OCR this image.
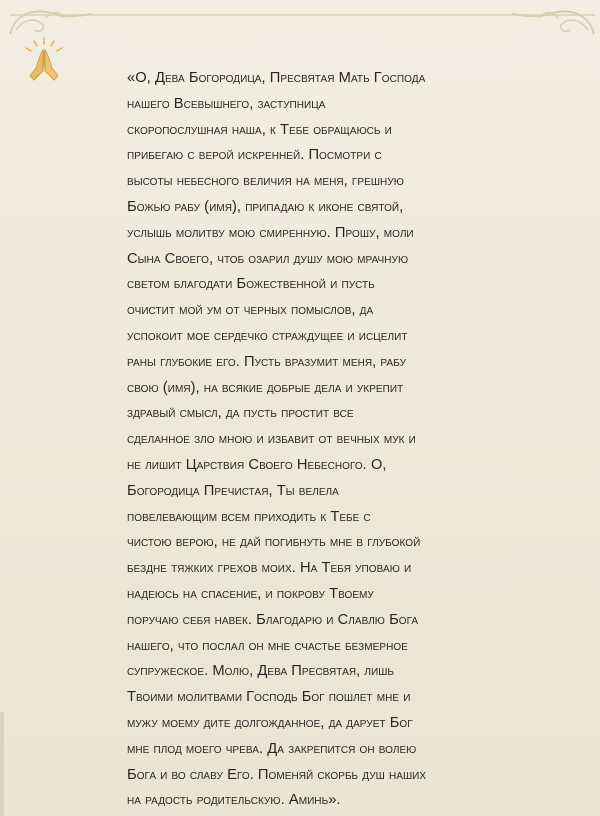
«О, Дева Богородица, Пресвятая Мать Господа
нашего Всевышнего, заступница
скоропослушная наша, к Тебе обращаюсь и
прибегаю с верой искренней. Посмотри с
высоты небесного величия на меня, грешную
Божью рабу (имя), припадаю к иконе святой,
услышь молитву мою смиренную. Прошу, моли
Сына Своего, чтоб озарил душу мою мрачную
светом благодати Божественной и пусть
очистит мой ум от черных помыслов, да
успокоит мое сердечко страждущее и исцелит
раны глубокие его. Пусть вразумит меня, рабу
свою (имя), на всякие добрые дела и укрепит
здравый смысл, да пусть простит все
сделанное зло мною и избавит от вечных мук и
не лишит Царствия Своего Небесного. О,
Богородица Пречистая, Ты велела
повелевающим всем приходить к Тебе с
чистою верою, не дай погибнуть мне в глубокой
бездне тяжких грехов моих. На Тебя уповаю и
надеюсь на спасение, и покрову Твоему
поручаю себя навек. Благодарю и Славлю Бога
нашего, что послал он мне счастье безмерное
супружеское. Молю, Дева Пресвятая, лишь
Твоими молитвами Господь Бог пошлет мне и
мужу моему дите долгожданное, да дарует Бог
мне плод моего чрева. Да закрепится он волею
Бога и во славу Его. Поменяй скорбь душ наших
на радость родительскую. Аминь».
